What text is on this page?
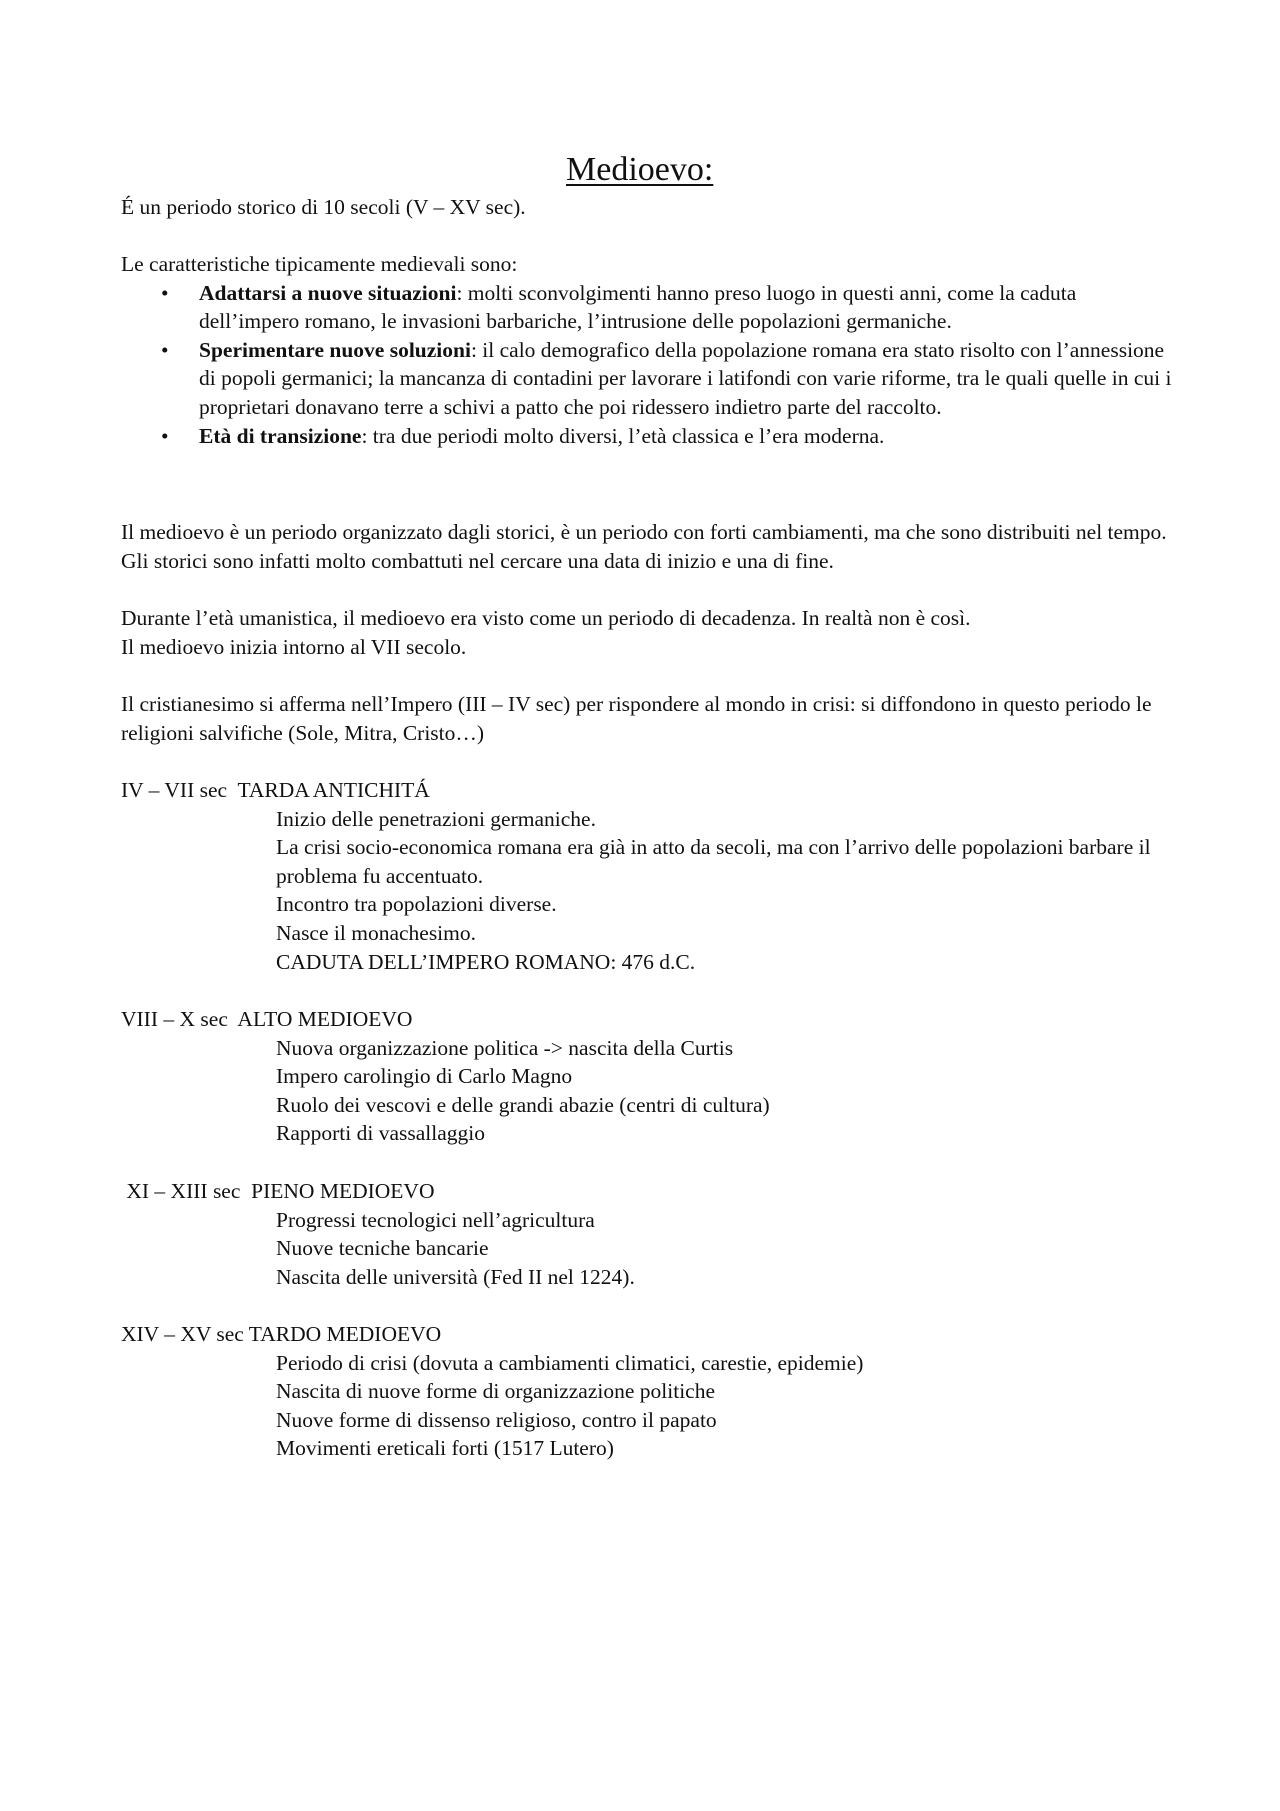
Medioevo:

É un periodo storico di 10 secoli (V – XV sec).

Le caratteristiche tipicamente medievali sono:

• Adattarsi a nuove situazioni: molti sconvolgimenti hanno preso luogo in questi anni, come la caduta dell’impero romano, le invasioni barbariche, l’intrusione delle popolazioni germaniche.
• Sperimentare nuove soluzioni: il calo demografico della popolazione romana era stato risolto con l’annessione di popoli germanici; la mancanza di contadini per lavorare i latifondi con varie riforme, tra le quali quelle in cui i proprietari donavano terre a schivi a patto che poi ridessero indietro parte del raccolto.
• Età di transizione: tra due periodi molto diversi, l’età classica e l’era moderna.

Il medioevo è un periodo organizzato dagli storici, è un periodo con forti cambiamenti, ma che sono distribuiti nel tempo. Gli storici sono infatti molto combattuti nel cercare una data di inizio e una di fine.

Durante l’età umanistica, il medioevo era visto come un periodo di decadenza. In realtà non è così.

Il medioevo inizia intorno al VII secolo.

Il cristianesimo si afferma nell’Impero (III – IV sec) per rispondere al mondo in crisi: si diffondono in questo periodo le religioni salvifiche (Sole, Mitra, Cristo…)

IV – VII sec  TARDA ANTICHITÁ

Inizio delle penetrazioni germaniche.
La crisi socio-economica romana era già in atto da secoli, ma con l’arrivo delle popolazioni barbare il problema fu accentuato.
Incontro tra popolazioni diverse.
Nasce il monachesimo.
CADUTA DELL’IMPERO ROMANO: 476 d.C.

VIII – X sec  ALTO MEDIOEVO

Nuova organizzazione politica -> nascita della Curtis
Impero carolingio di Carlo Magno
Ruolo dei vescovi e delle grandi abazie (centri di cultura)
Rapporti di vassallaggio

XI – XIII sec  PIENO MEDIOEVO

Progressi tecnologici nell’agricultura
Nuove tecniche bancarie
Nascita delle università (Fed II nel 1224).

XIV – XV sec TARDO MEDIOEVO

Periodo di crisi (dovuta a cambiamenti climatici, carestie, epidemie)
Nascita di nuove forme di organizzazione politiche
Nuove forme di dissenso religioso, contro il papato
Movimenti ereticali forti (1517 Lutero)
